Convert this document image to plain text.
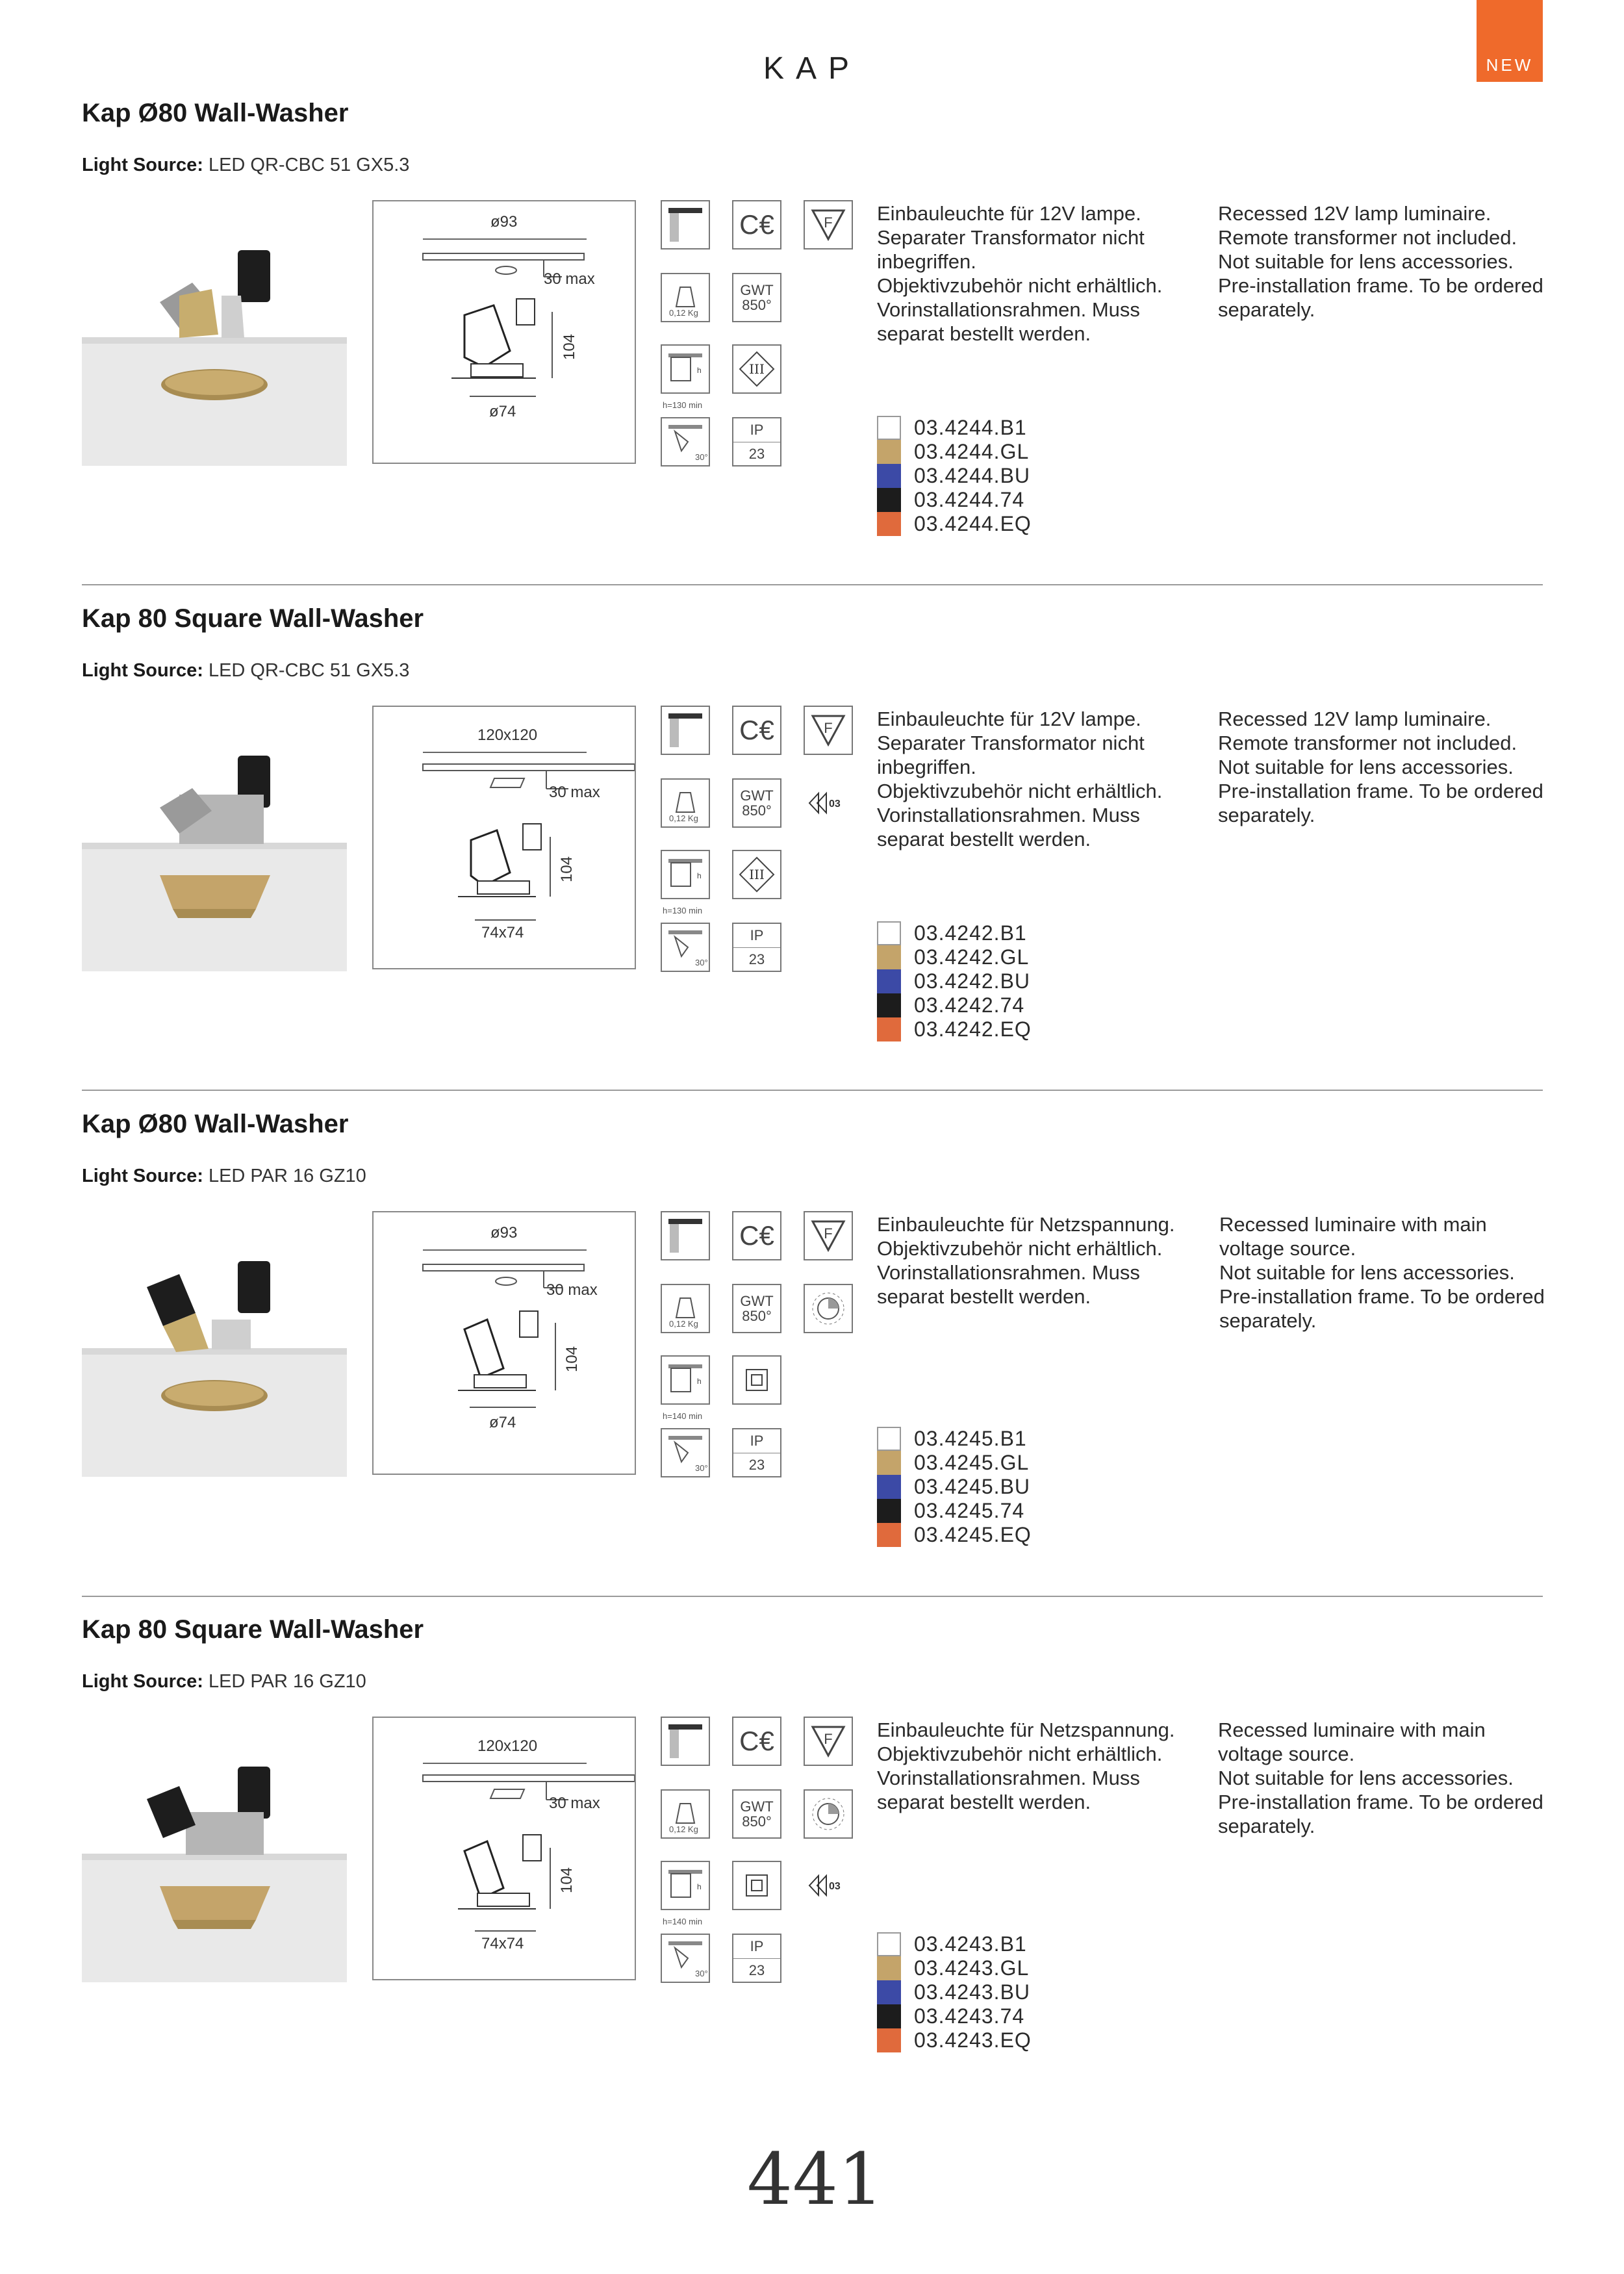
KAP	NEW
Kap Ø80 Wall-Washer
Light Source: LED QR-CBC 51 GX5.3
ø93
30 max
104
ø74
C€	F
0,12 Kg
GWT
850°
h
h=130 min
III
30°
IP
23
Einbauleuchte für 12V lampe.
Separater Transformator nicht
inbegriffen.
Objektivzubehör nicht erhältlich.
Vorinstallationsrahmen. Muss
separat bestellt werden.
Recessed 12V lamp luminaire.
Remote transformer not included.
Not suitable for lens accessories.
Pre-installation frame. To be ordered
separately.
03.4244.B1
03.4244.GL
03.4244.BU
03.4244.74
03.4244.EQ
Kap 80 Square Wall-Washer
Light Source: LED QR-CBC 51 GX5.3
120x120
30 max
104
74x74
C€	F
0,12 Kg
GWT
850°	03
h
h=130 min
III
30°
IP
23
Einbauleuchte für 12V lampe.
Separater Transformator nicht
inbegriffen.
Objektivzubehör nicht erhältlich.
Vorinstallationsrahmen. Muss
separat bestellt werden.
Recessed 12V lamp luminaire.
Remote transformer not included.
Not suitable for lens accessories.
Pre-installation frame. To be ordered
separately.
03.4242.B1
03.4242.GL
03.4242.BU
03.4242.74
03.4242.EQ
Kap Ø80 Wall-Washer
Light Source: LED PAR 16 GZ10
ø93
30 max
104
ø74
C€	F
0,12 Kg
GWT
850°
h
h=140 min
30°
IP
23
Einbauleuchte für Netzspannung.
Objektivzubehör nicht erhältlich.
Vorinstallationsrahmen. Muss
separat bestellt werden.
Recessed luminaire with main
voltage source.
Not suitable for lens accessories.
Pre-installation frame. To be ordered
separately.
03.4245.B1
03.4245.GL
03.4245.BU
03.4245.74
03.4245.EQ
Kap 80 Square Wall-Washer
Light Source: LED PAR 16 GZ10
120x120
30 max
104
74x74
C€	F
0,12 Kg
GWT
850°
h
h=140 min
03
30°
IP
23
Einbauleuchte für Netzspannung.
Objektivzubehör nicht erhältlich.
Vorinstallationsrahmen. Muss
separat bestellt werden.
Recessed luminaire with main
voltage source.
Not suitable for lens accessories.
Pre-installation frame. To be ordered
separately.
03.4243.B1
03.4243.GL
03.4243.BU
03.4243.74
03.4243.EQ
441
